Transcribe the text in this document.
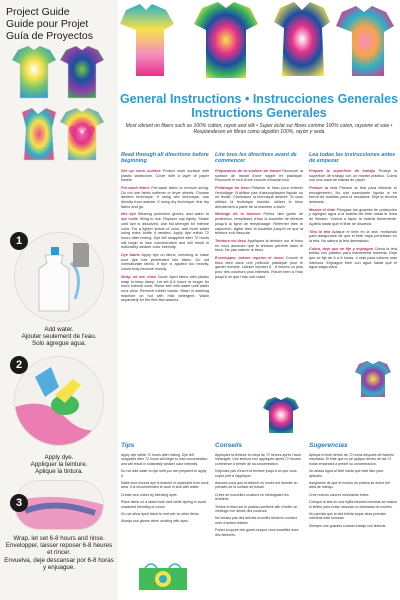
Project Guide
Guide pour Projet
Guía de Proyectos
1
Add water.
Ajouter seulement de l'eau.
Solo agregue agua.
2
Apply dye.
Appliquer la teinture.
Aplique la tintura.
3
Wrap, let set 6-8 hours and rinse.
Envelopper, laisser reposer 6-8 heures et rincer.
Envuelva, deje descansar por 6-8 horas y enjuague.
General Instructions • Instrucciones Generales
Instructions Generales
Most vibrant on fibers such as 100% cotton, rayon and silk • Super éclat sur fibres comme 100% coton, rayonne et soie • Resplandecen en fibras como algodón 100%, rayón y seda
Read through all directions before beginning

Set up work surface Protect work surface with plastic tablecover. Cover with a layer of paper towels.

Pre-wash fabric Pre-wash fabric to remove sizing. Do not use fabric softener or dryer sheets. Choose desired technique. If using wet technique, use directly from washer. If using dry technique, first dry fabric and go.

Mix dye Wearing protective gloves, add water to dye bottle, filling to line. Replace cap tightly. Shake until dye is dissolved. Use full-strength for intense color. For a lighter shade of color, add more water using extra bottle if needed. Apply dye within 72 hours after mixing. Dye left unapplied after 72 hours will begin to lose concentration and will result in noticeably weaker color intensity.

Dye fabric Apply dye on fabric, checking to make sure dye has penetrated into fabric. Do not oversaturate fabric. If dye is applied too heavily, colors may become muddy.

Wrap, let set, rinse Cover dyed fabric with plastic wrap to keep damp. Let set 6-8 hours or longer for more intense color. Rinse well with water until water runs clear. Remove rubber bands. Wash in washing machine on hot with mild detergent. Wash separately for the first few washes.

Tips
Apply dye within 72 hours after mixing. Dye left unapplied after 72 hours will begin to lose concentration and will result in noticeably weaker color intensity.
Do not add water to dye until you are prepared to apply it.
Make sure excess dye is drained or squeezed from work area. It is recommended to work in sink with water.
Create new colors by blending dyes.
Place fabric on a raised wire rack while dyeing to avoid unwanted blending of colors.
Do not allow dyed fabric to rest wet on other items.
Always use gloves when working with dyes.
Lire tous les directives avant de commencer

Préparation de la surface de travail Recouvrir la surface de travail d'une nappe en plastique. Recouvrir le tout d'une couche d'essuie-tout.

Prélavage du tissu Prélaver le tissu pour enlever l'encollage. N'utiliser pas d'assouplissant liquide ou en feuille. Choisissez la technique désirée. Si vous utilisez la technique humide, utiliser le tissu directement à partir de la machine à laver.

Mélange de la teinture Portez des gants de protection, remplissez d'eau la bouteille de teinture jusqu'à la ligne de remplissage. Refermer bien le capuchon. Agiter bien la bouteille jusqu'à ce que la teinture soit dissoute.

Teinture du tissu Appliquez la teinture sur le tissu en vous assurant que la teinture pénètre dans le tissu. Ne pas saturer le tissu.

Envelopper, laisser reposer et rincer Couvrir le tissu teint dans une pellicule plastique pour le garder humide. Laisser reposer 6 - 8 heures ou plus pour des couleurs plus intenses. Rincer bien à l'eau jusqu'à ce que l'eau soit claire.

Conseils
Appliquez la teinture en déça de 72 heures après l'avoir mélangée. Une teinture non appliquée après 72 heures commence à perdre de sa concentration.
N'ajoutez pas d'eau à la teinture jusqu'à ce que vous soyez prêt à l'appliquer.
Assurez-vous que la teinture en excès est drainée ou pressée de la surface de travail.
Créez de nouvelles couleurs en mélangeant les teintures.
Tendre le tissu sur le plateau surélevé afin d'éviter un mélange non désiré des couleurs.
Ne laissez pas des articles mouillés teints en contact avec d'autres articles.
Portez toujours des gants lorsque vous travaillez avec des teintures.
Lea todas las instrucciones antes de empezar

Prepare la superficie de trabajo Proteja la superficie de trabajo con un mantel plástico. Cubra con una capa de toallas de papel.

Prelave la tela Prelave la tela para eliminar el encogimiento. No use suavizante líquido ni en forma de toallitas para la secadora. Elija la técnica deseada.

Mezcle el tinte Póngase los guantes de protección y agregue agua a la botella del tinte hasta la línea de llenado. Vuelva a tapar la botella firmemente. Agítela hasta que el tinte se disuelva.

Tiña la tela Aplique el tinte en la tela, revisando para asegurarse de que el tinte haya penetrado en la tela. No satura la tela demasiado.

Cubra, deje que se fije y enjuague Cubra la tela teñida con plástico para mantenerla húmeda. Deje que se fije de 6 a 8 horas, o más para colores más intensos. Enjuague bien con agua hasta que el agua salga clara.

Sugerencias
Aplique el tinte dentro de 72 horas después de haberlo mezclado. El tinte que no se aplique dentro de las 72 horas empezará a perder su concentración.
No añada agua al tinte hasta que esté listo para aplicarlo.
Asegúrese de que el exceso de pintura se drene del área de trabajo.
Cree nuevos colores mezclando tintes.
Coloque la tela en una rejilla elevada mientras se realiza el teñido para evitar mezclas no deseadas de colores.
No permita que la tela teñida toque otras prendas mientras está húmeda.
Siempre use guantes cuando trabaje con tinturas.
